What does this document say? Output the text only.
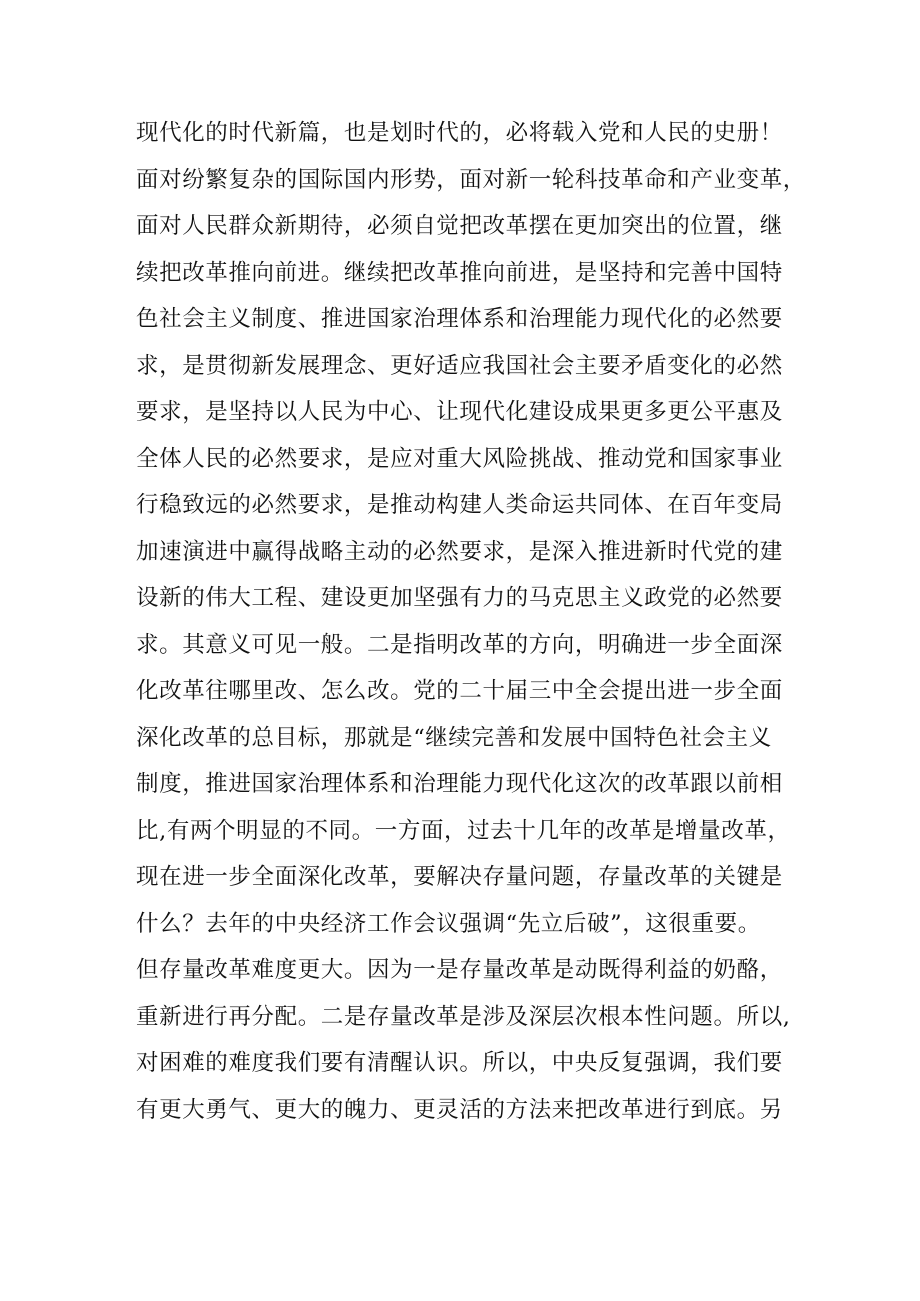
现代化的时代新篇，也是划时代的，必将载入党和人民的史册！
面对纷繁复杂的国际国内形势，面对新一轮科技革命和产业变革，
面对人民群众新期待，必须自觉把改革摆在更加突出的位置，继
续把改革推向前进。继续把改革推向前进，是坚持和完善中国特
色社会主义制度、推进国家治理体系和治理能力现代化的必然要
求，是贯彻新发展理念、更好适应我国社会主要矛盾变化的必然
要求，是坚持以人民为中心、让现代化建设成果更多更公平惠及
全体人民的必然要求，是应对重大风险挑战、推动党和国家事业
行稳致远的必然要求，是推动构建人类命运共同体、在百年变局
加速演进中赢得战略主动的必然要求，是深入推进新时代党的建
设新的伟大工程、建设更加坚强有力的马克思主义政党的必然要
求。其意义可见一般。二是指明改革的方向，明确进一步全面深
化改革往哪里改、怎么改。党的二十届三中全会提出进一步全面
深化改革的总目标，那就是“继续完善和发展中国特色社会主义
制度，推进国家治理体系和治理能力现代化这次的改革跟以前相
比,有两个明显的不同。一方面，过去十几年的改革是增量改革，
现在进一步全面深化改革，要解决存量问题，存量改革的关键是
什么？去年的中央经济工作会议强调“先立后破”，这很重要。
但存量改革难度更大。因为一是存量改革是动既得利益的奶酪，
重新进行再分配。二是存量改革是涉及深层次根本性问题。所以,
对困难的难度我们要有清醒认识。所以，中央反复强调，我们要
有更大勇气、更大的魄力、更灵活的方法来把改革进行到底。另
